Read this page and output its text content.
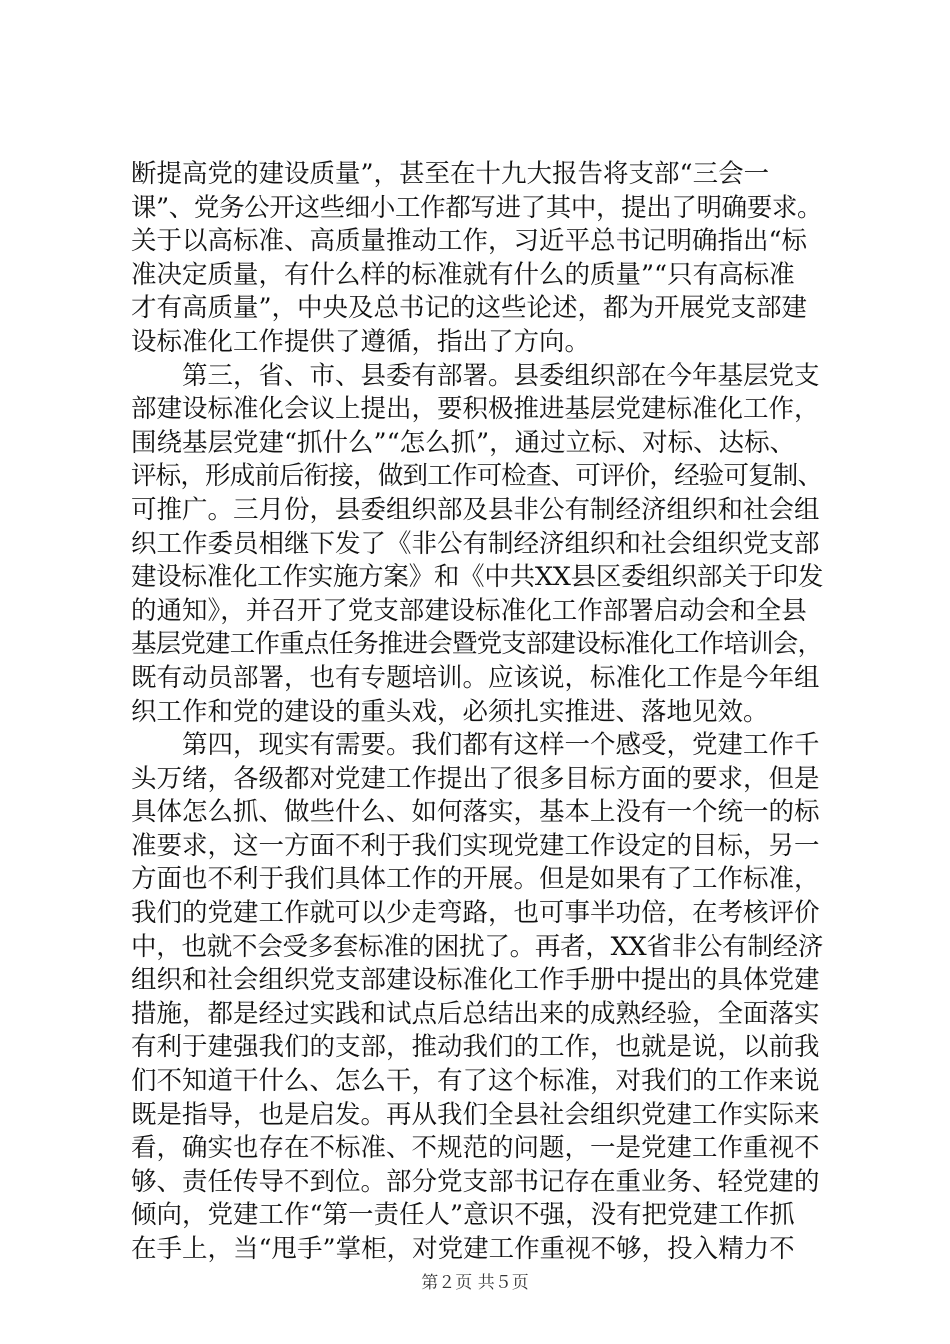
断提高党的建设质量”，甚至在十九大报告将支部“三会一
课”、党务公开这些细小工作都写进了其中，提出了明确要求。
关于以高标准、高质量推动工作，习近平总书记明确指出“标
准决定质量，有什么样的标准就有什么的质量”“只有高标准
才有高质量”，中央及总书记的这些论述，都为开展党支部建
设标准化工作提供了遵循，指出了方向。
　　第三，省、市、县委有部署。县委组织部在今年基层党支
部建设标准化会议上提出，要积极推进基层党建标准化工作，
围绕基层党建“抓什么”“怎么抓”，通过立标、对标、达标、
评标，形成前后衔接，做到工作可检查、可评价，经验可复制、
可推广。三月份，县委组织部及县非公有制经济组织和社会组
织工作委员相继下发了《非公有制经济组织和社会组织党支部
建设标准化工作实施方案》和《中共XX县区委组织部关于印发
的通知》，并召开了党支部建设标准化工作部署启动会和全县
基层党建工作重点任务推进会暨党支部建设标准化工作培训会，
既有动员部署，也有专题培训。应该说，标准化工作是今年组
织工作和党的建设的重头戏，必须扎实推进、落地见效。
　　第四，现实有需要。我们都有这样一个感受，党建工作千
头万绪，各级都对党建工作提出了很多目标方面的要求，但是
具体怎么抓、做些什么、如何落实，基本上没有一个统一的标
准要求，这一方面不利于我们实现党建工作设定的目标，另一
方面也不利于我们具体工作的开展。但是如果有了工作标准，
我们的党建工作就可以少走弯路，也可事半功倍，在考核评价
中，也就不会受多套标准的困扰了。再者，XX省非公有制经济
组织和社会组织党支部建设标准化工作手册中提出的具体党建
措施，都是经过实践和试点后总结出来的成熟经验，全面落实
有利于建强我们的支部，推动我们的工作，也就是说，以前我
们不知道干什么、怎么干，有了这个标准，对我们的工作来说
既是指导，也是启发。再从我们全县社会组织党建工作实际来
看，确实也存在不标准、不规范的问题，一是党建工作重视不
够、责任传导不到位。部分党支部书记存在重业务、轻党建的
倾向，党建工作“第一责任人”意识不强，没有把党建工作抓
在手上，当“甩手”掌柜，对党建工作重视不够，投入精力不
第２页 共５页
